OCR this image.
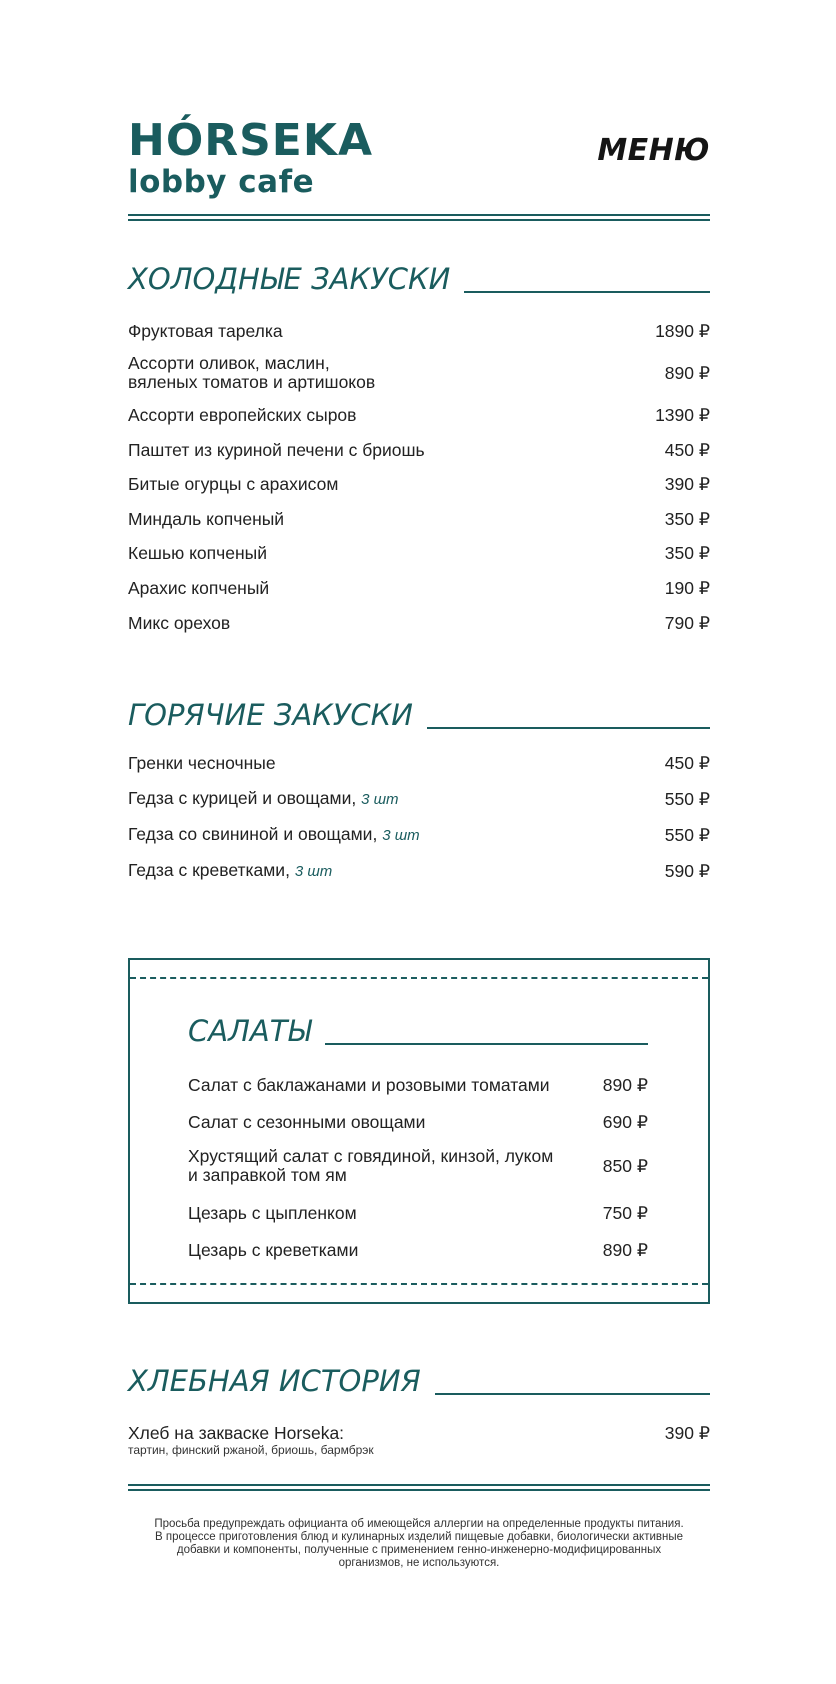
HÓRSEKA
lobby cafe
МЕНЮ
ХОЛОДНЫЕ ЗАКУСКИ
Фруктовая тарелка	1890 ₽
Ассорти оливок, маслин,
вяленых томатов и артишоков	890 ₽
Ассорти европейских сыров	1390 ₽
Паштет из куриной печени с бриошь	450 ₽
Битые огурцы с арахисом	390 ₽
Миндаль копченый	350 ₽
Кешью копченый	350 ₽
Арахис копченый	190 ₽
Микс орехов	790 ₽
ГОРЯЧИЕ ЗАКУСКИ
Гренки чесночные	450 ₽
Гедза с курицей и овощами, 3 шт	550 ₽
Гедза со свининой и овощами, 3 шт	550 ₽
Гедза с креветками, 3 шт	590 ₽
САЛАТЫ
Салат с баклажанами и розовыми томатами	890 ₽
Салат с сезонными овощами	690 ₽
Хрустящий салат с говядиной, кинзой, луком
и заправкой том ям	850 ₽
Цезарь с цыпленком	750 ₽
Цезарь с креветками	890 ₽
ХЛЕБНАЯ ИСТОРИЯ
Хлеб на закваске Horseka:
тартин, финский ржаной, бриошь, бармбрэк
390 ₽
Просьба предупреждать официанта об имеющейся аллергии на определенные продукты питания.
В процессе приготовления блюд и кулинарных изделий пищевые добавки, биологически активные
добавки и компоненты, полученные с применением генно-инженерно-модифицированных
организмов, не используются.
